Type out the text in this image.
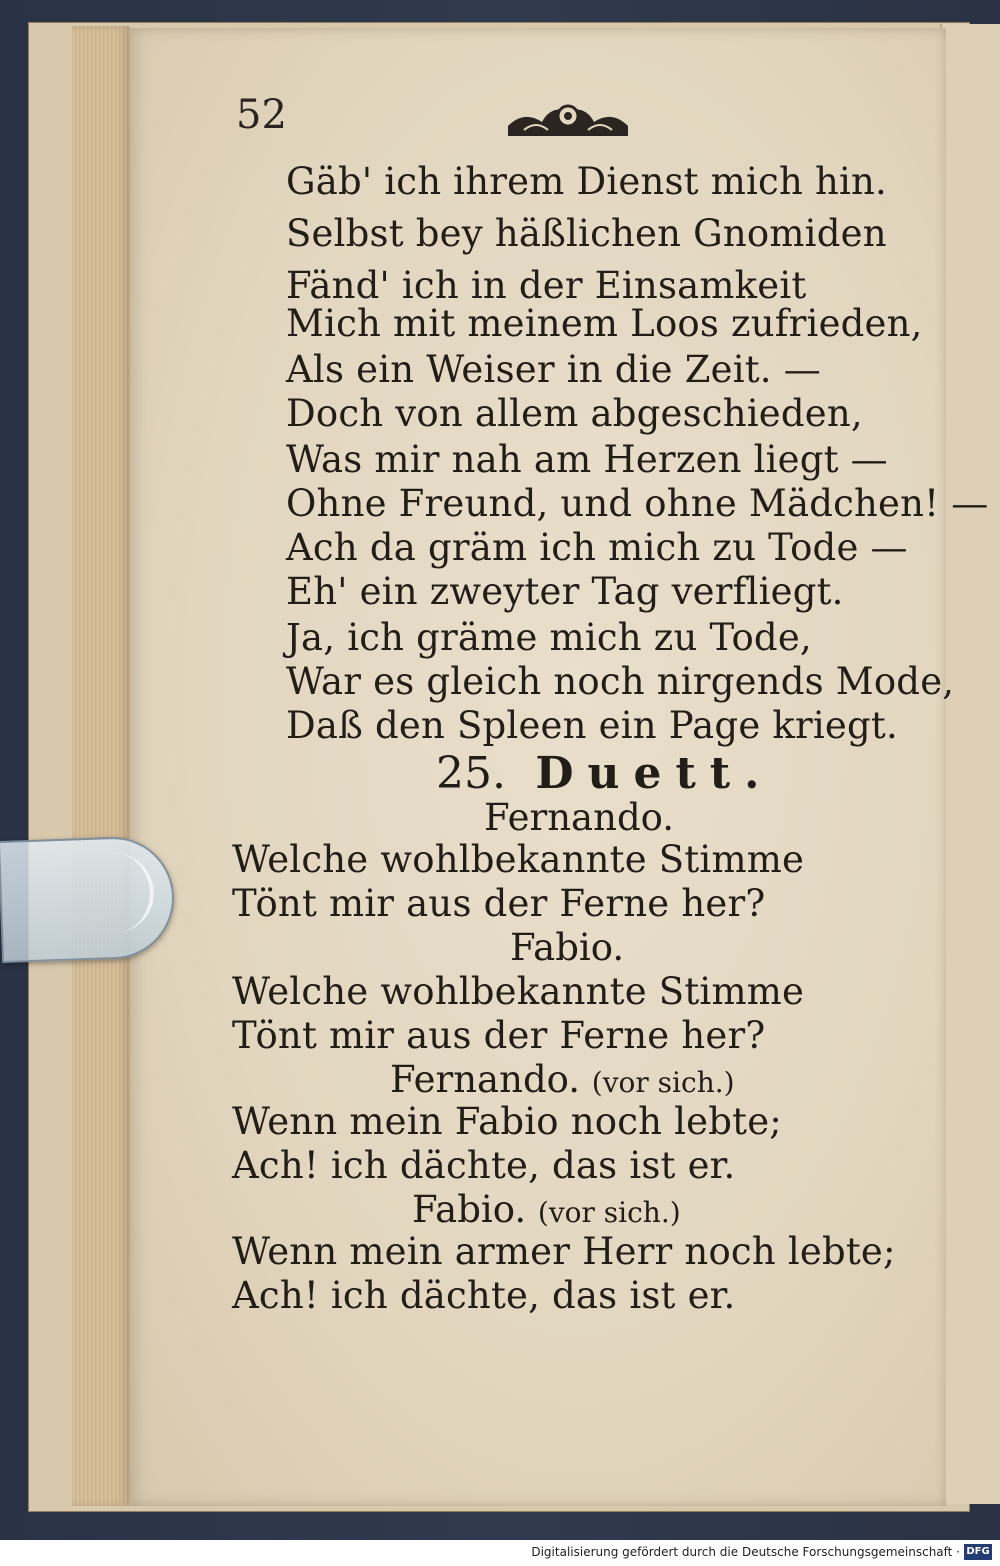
52
Gäb' ich ihrem Dienst mich hin.
Selbst bey häßlichen Gnomiden
Fänd' ich in der Einsamkeit
Mich mit meinem Loos zufrieden,
Als ein Weiser in die Zeit. —
Doch von allem abgeschieden,
Was mir nah am Herzen liegt —
Ohne Freund, und ohne Mädchen! —
Ach da gräm ich mich zu Tode —
Eh' ein zweyter Tag verfliegt.
Ja, ich gräme mich zu Tode,
War es gleich noch nirgends Mode,
Daß den Spleen ein Page kriegt.
25. Duett.
Fernando.
Welche wohlbekannte Stimme
Tönt mir aus der Ferne her?
Fabio.
Welche wohlbekannte Stimme
Tönt mir aus der Ferne her?
Fernando. (vor sich.)
Wenn mein Fabio noch lebte;
Ach! ich dächte, das ist er.
Fabio. (vor sich.)
Wenn mein armer Herr noch lebte;
Ach! ich dächte, das ist er.
Digitalisierung gefördert durch die Deutsche Forschungsgemeinschaft · DFG
